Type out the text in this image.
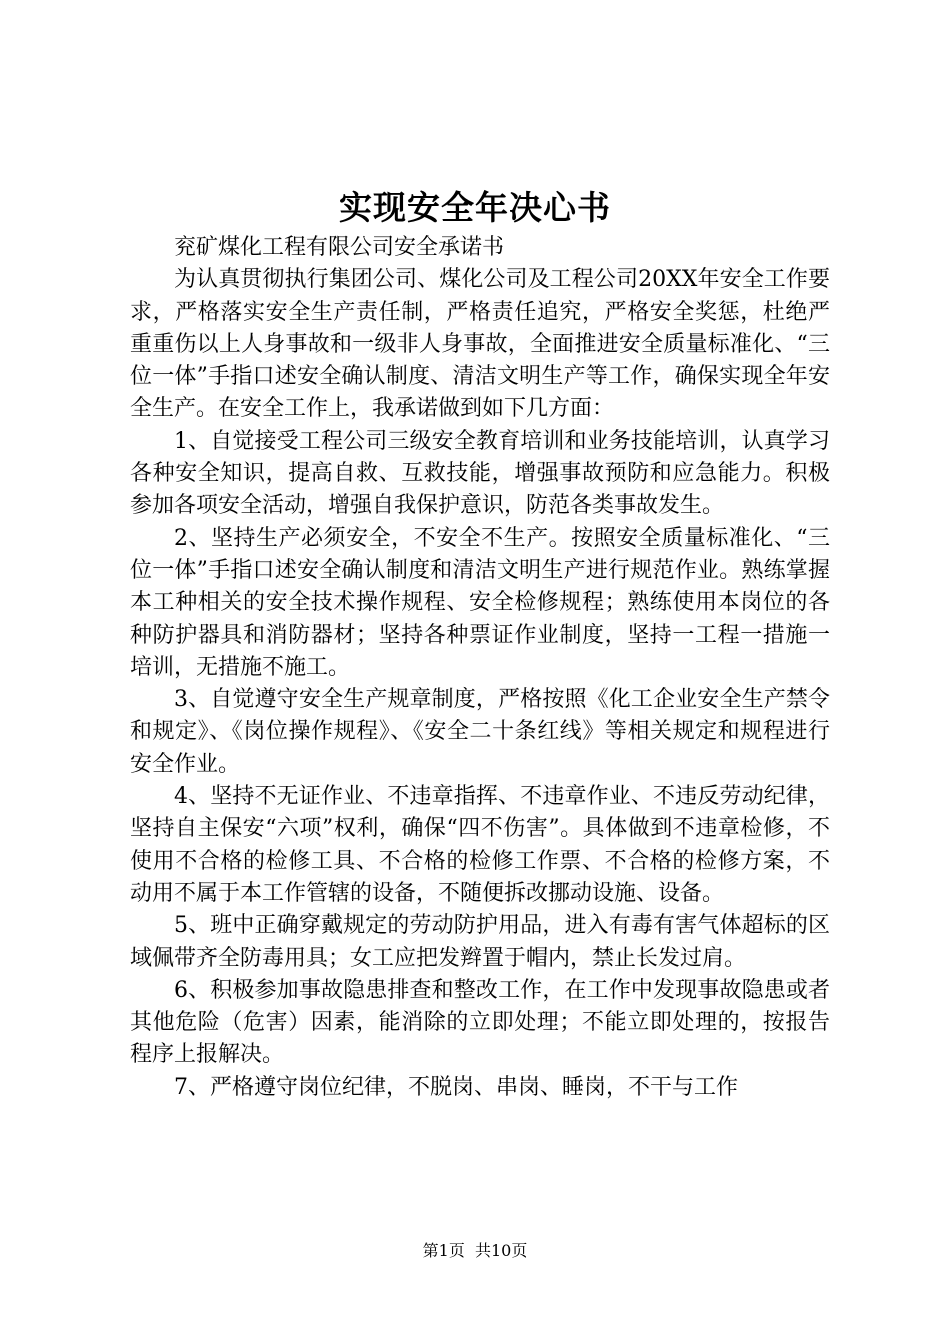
实现安全年决心书

兖矿煤化工程有限公司安全承诺书

为认真贯彻执行集团公司、煤化公司及工程公司20XX年安全工作要求，严格落实安全生产责任制，严格责任追究，严格安全奖惩，杜绝严重重伤以上人身事故和一级非人身事故，全面推进安全质量标准化、“三位一体”手指口述安全确认制度、清洁文明生产等工作，确保实现全年安全生产。在安全工作上，我承诺做到如下几方面：

1、自觉接受工程公司三级安全教育培训和业务技能培训，认真学习各种安全知识，提高自救、互救技能，增强事故预防和应急能力。积极参加各项安全活动，增强自我保护意识，防范各类事故发生。

2、坚持生产必须安全，不安全不生产。按照安全质量标准化、“三位一体”手指口述安全确认制度和清洁文明生产进行规范作业。熟练掌握本工种相关的安全技术操作规程、安全检修规程；熟练使用本岗位的各种防护器具和消防器材；坚持各种票证作业制度，坚持一工程一措施一培训，无措施不施工。

3、自觉遵守安全生产规章制度，严格按照《化工企业安全生产禁令和规定》、《岗位操作规程》、《安全二十条红线》等相关规定和规程进行安全作业。

4、坚持不无证作业、不违章指挥、不违章作业、不违反劳动纪律，坚持自主保安“六项”权利，确保“四不伤害”。具体做到不违章检修，不使用不合格的检修工具、不合格的检修工作票、不合格的检修方案，不动用不属于本工作管辖的设备，不随便拆改挪动设施、设备。

5、班中正确穿戴规定的劳动防护用品，进入有毒有害气体超标的区域佩带齐全防毒用具；女工应把发辫置于帽内，禁止长发过肩。

6、积极参加事故隐患排查和整改工作，在工作中发现事故隐患或者其他危险（危害）因素，能消除的立即处理；不能立即处理的，按报告程序上报解决。

7、严格遵守岗位纪律，不脱岗、串岗、睡岗，不干与工作

第1页  共10页
